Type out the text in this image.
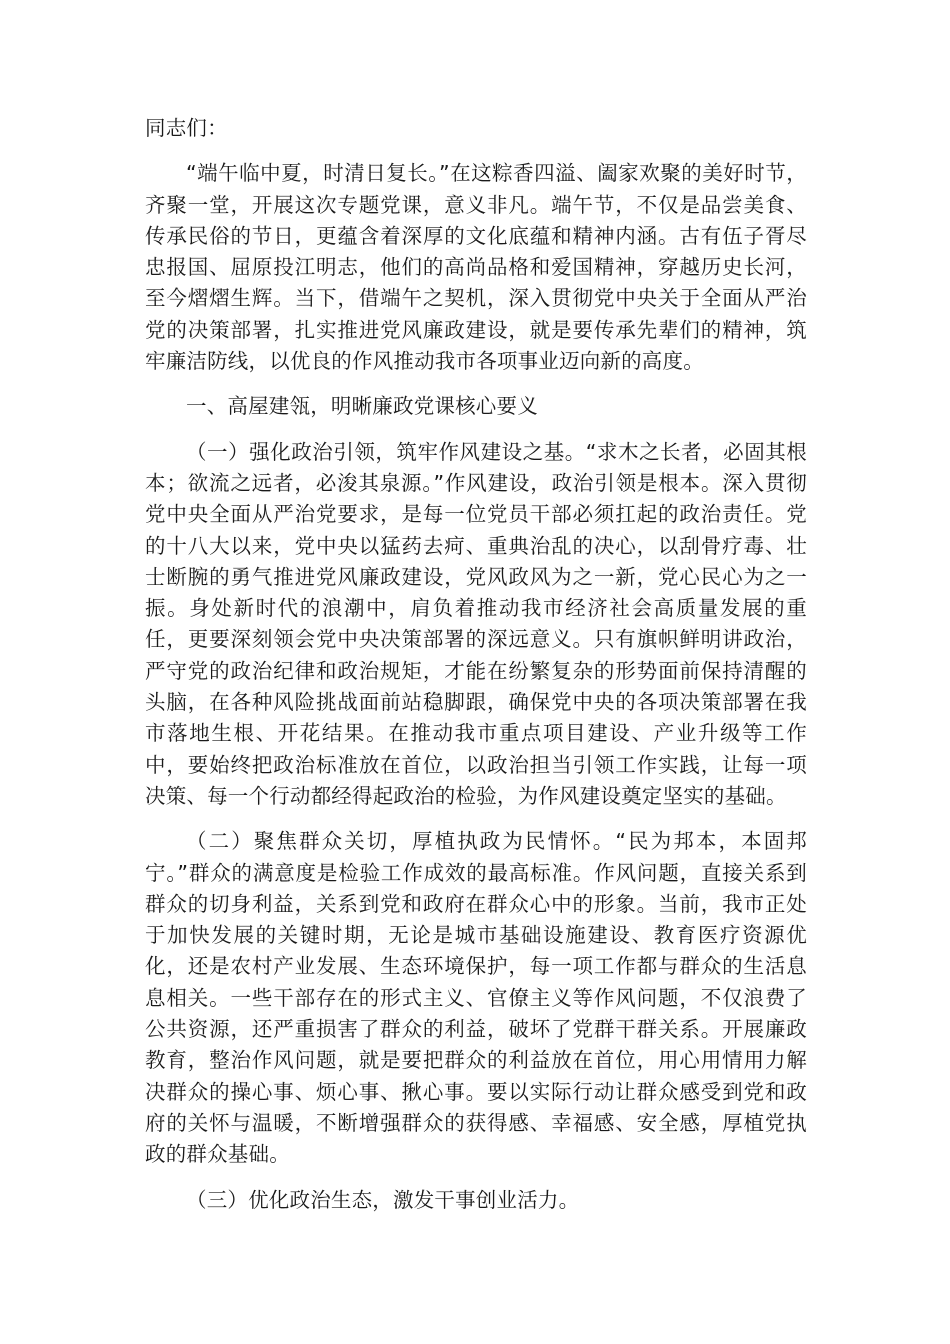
同志们：

“端午临中夏，时清日复长。”在这粽香四溢、阖家欢聚的美好时节，齐聚一堂，开展这次专题党课，意义非凡。端午节，不仅是品尝美食、传承民俗的节日，更蕴含着深厚的文化底蕴和精神内涵。古有伍子胥尽忠报国、屈原投江明志，他们的高尚品格和爱国精神，穿越历史长河，至今熠熠生辉。当下，借端午之契机，深入贯彻党中央关于全面从严治党的决策部署，扎实推进党风廉政建设，就是要传承先辈们的精神，筑牢廉洁防线，以优良的作风推动我市各项事业迈向新的高度。

一、高屋建瓴，明晰廉政党课核心要义

（一）强化政治引领，筑牢作风建设之基。“求木之长者，必固其根本；欲流之远者，必浚其泉源。”作风建设，政治引领是根本。深入贯彻党中央全面从严治党要求，是每一位党员干部必须扛起的政治责任。党的十八大以来，党中央以猛药去疴、重典治乱的决心，以刮骨疗毒、壮士断腕的勇气推进党风廉政建设，党风政风为之一新，党心民心为之一振。身处新时代的浪潮中，肩负着推动我市经济社会高质量发展的重任，更要深刻领会党中央决策部署的深远意义。只有旗帜鲜明讲政治，严守党的政治纪律和政治规矩，才能在纷繁复杂的形势面前保持清醒的头脑，在各种风险挑战面前站稳脚跟，确保党中央的各项决策部署在我市落地生根、开花结果。在推动我市重点项目建设、产业升级等工作中，要始终把政治标准放在首位，以政治担当引领工作实践，让每一项决策、每一个行动都经得起政治的检验，为作风建设奠定坚实的基础。

（二）聚焦群众关切，厚植执政为民情怀。“民为邦本，本固邦宁。”群众的满意度是检验工作成效的最高标准。作风问题，直接关系到群众的切身利益，关系到党和政府在群众心中的形象。当前，我市正处于加快发展的关键时期，无论是城市基础设施建设、教育医疗资源优化，还是农村产业发展、生态环境保护，每一项工作都与群众的生活息息相关。一些干部存在的形式主义、官僚主义等作风问题，不仅浪费了公共资源，还严重损害了群众的利益，破坏了党群干群关系。开展廉政教育，整治作风问题，就是要把群众的利益放在首位，用心用情用力解决群众的操心事、烦心事、揪心事。要以实际行动让群众感受到党和政府的关怀与温暖，不断增强群众的获得感、幸福感、安全感，厚植党执政的群众基础。

（三）优化政治生态，激发干事创业活力。
